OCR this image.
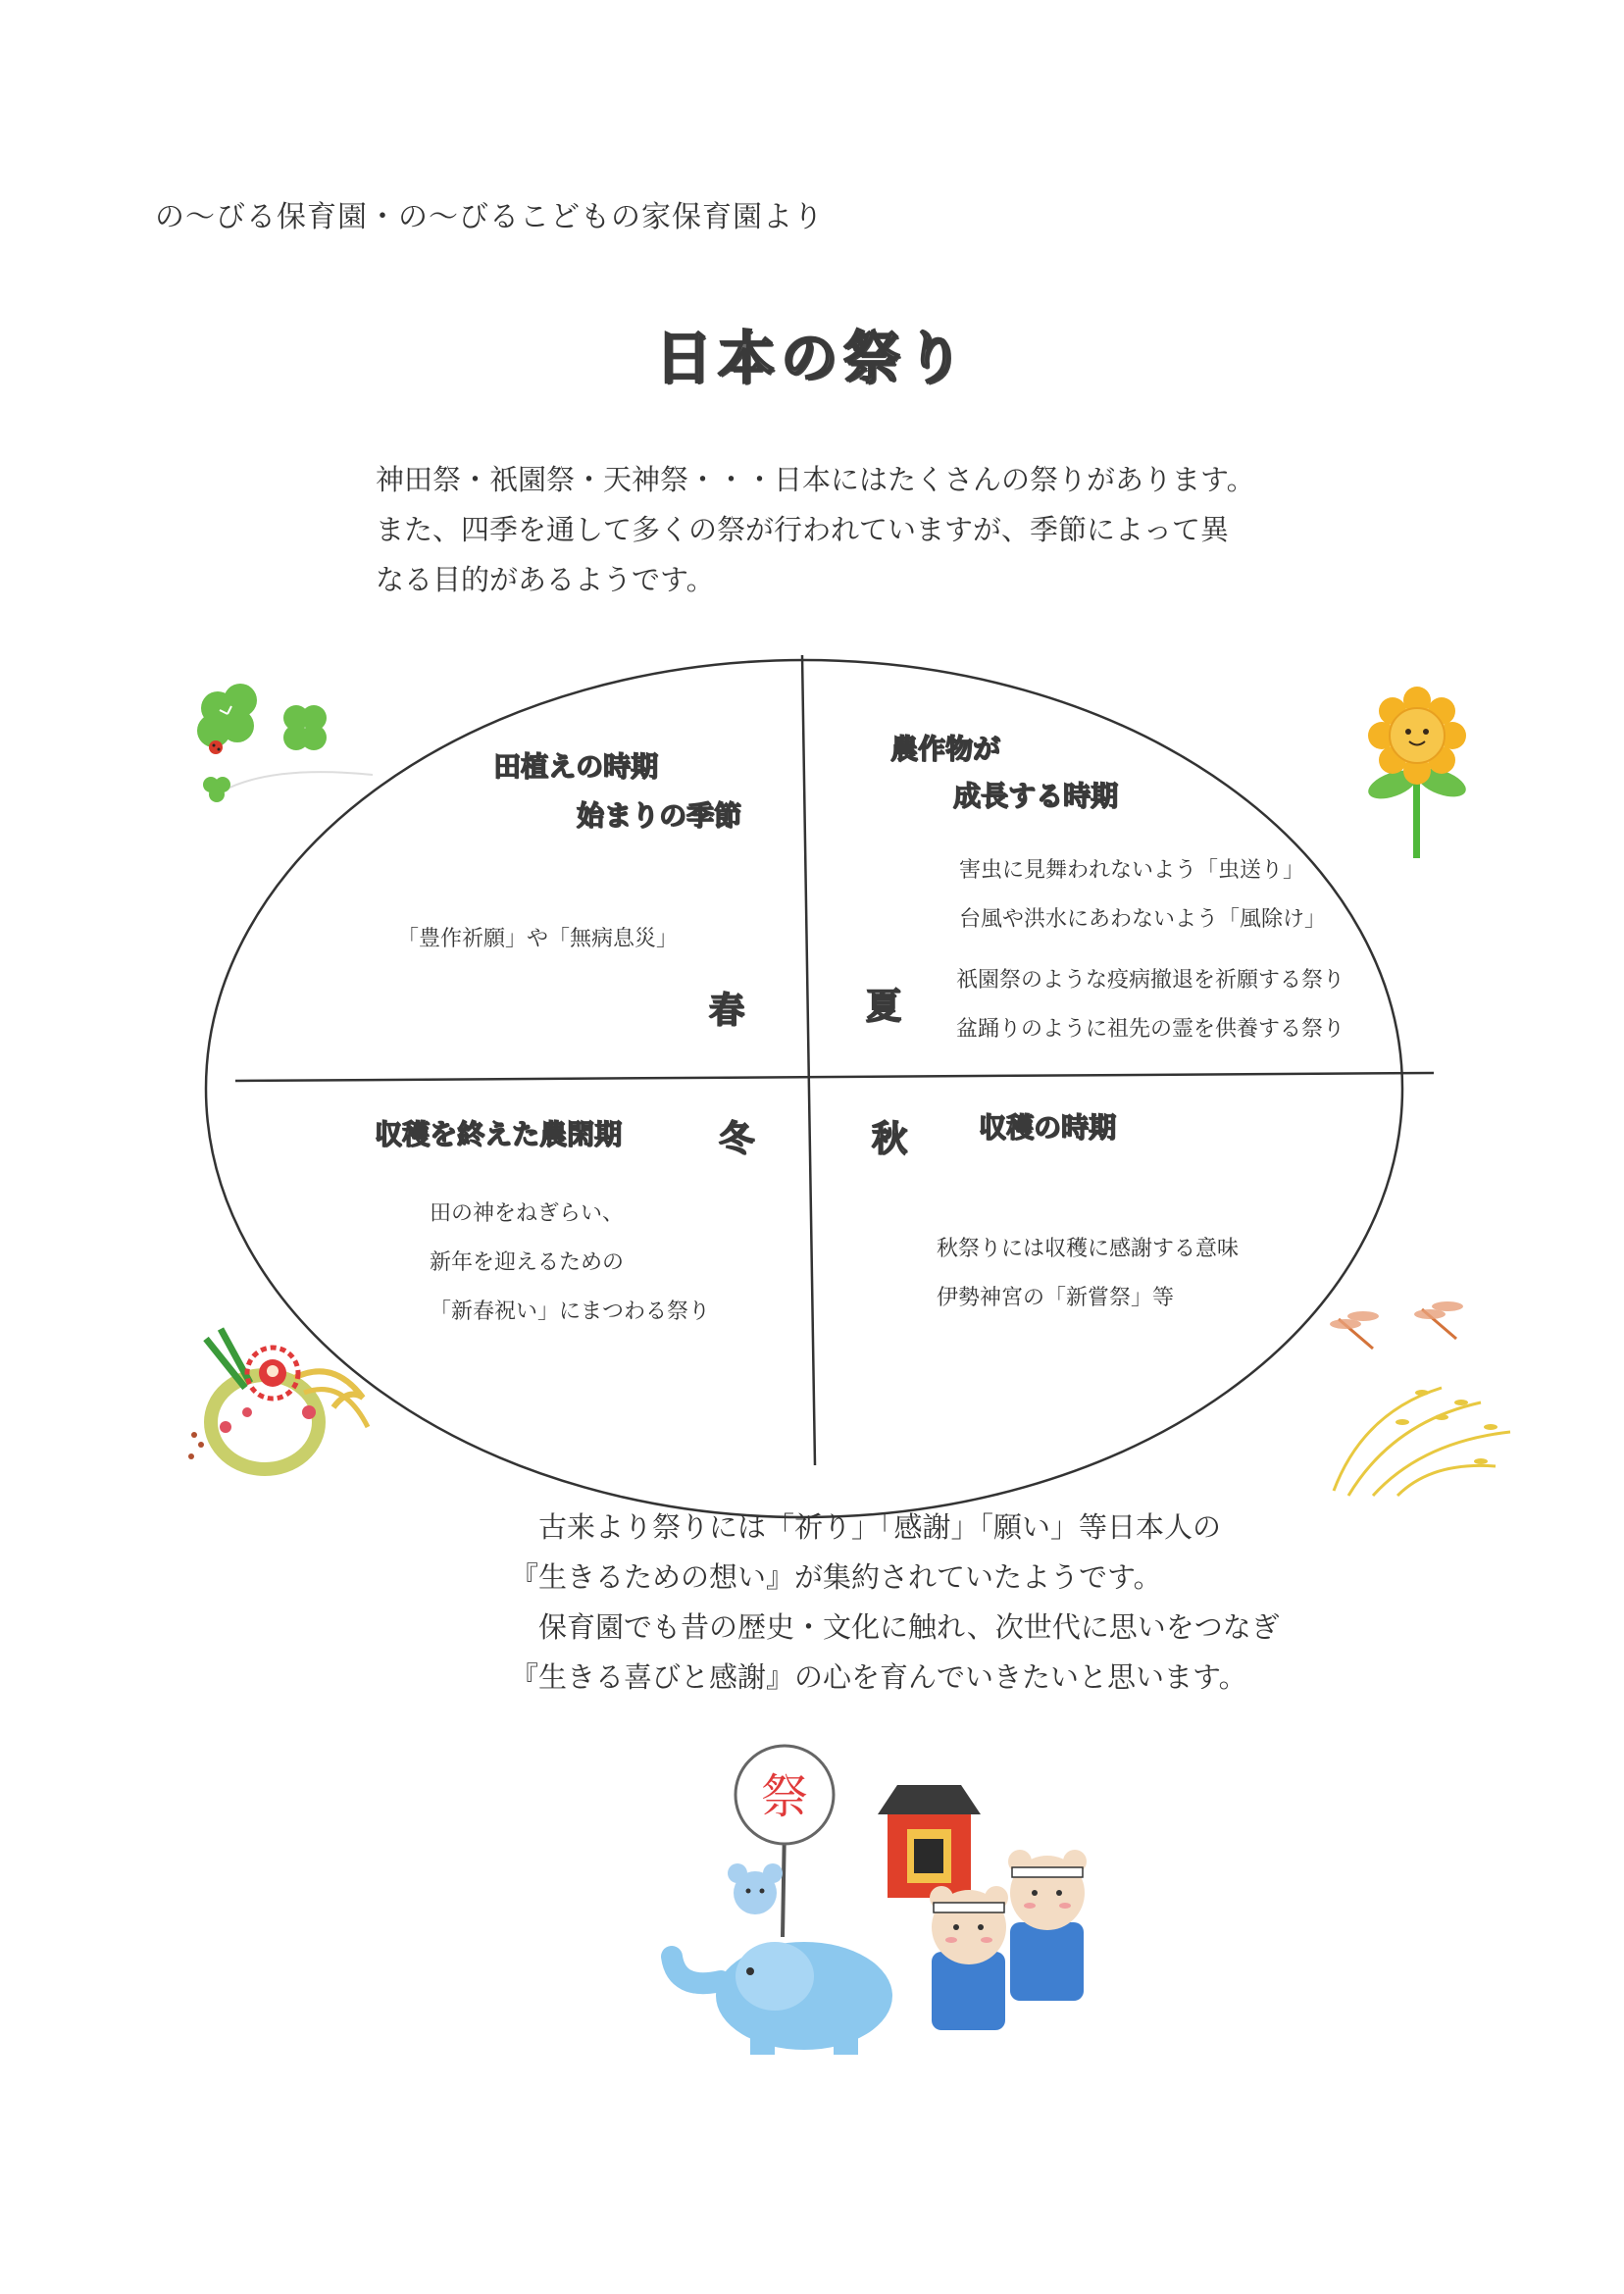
の〜びる保育園・の〜びるこどもの家保育園より
日本の祭り

神田祭・祇園祭・天神祭・・・日本にはたくさんの祭りがあります。

また、四季を通して多くの祭が行われていますが、季節によって異

なる目的があるようです。

田植えの時期
始まりの季節
「豊作祈願」や「無病息災」
春
農作物が
成長する時期
害虫に見舞われないよう「虫送り」
台風や洪水にあわないよう「風除け」
祇園祭のような疫病撤退を祈願する祭り
盆踊りのように祖先の霊を供養する祭り
夏
収穫を終えた農閑期	冬
田の神をねぎらい、
新年を迎えるための
「新春祝い」にまつわる祭り
秋	収穫の時期
秋祭りには収穫に感謝する意味
伊勢神宮の「新嘗祭」等

　古来より祭りには「祈り」「感謝」「願い」等日本人の

『生きるための想い』が集約されていたようです。

　保育園でも昔の歴史・文化に触れ、次世代に思いをつなぎ

『生きる喜びと感謝』の心を育んでいきたいと思います。

祭
